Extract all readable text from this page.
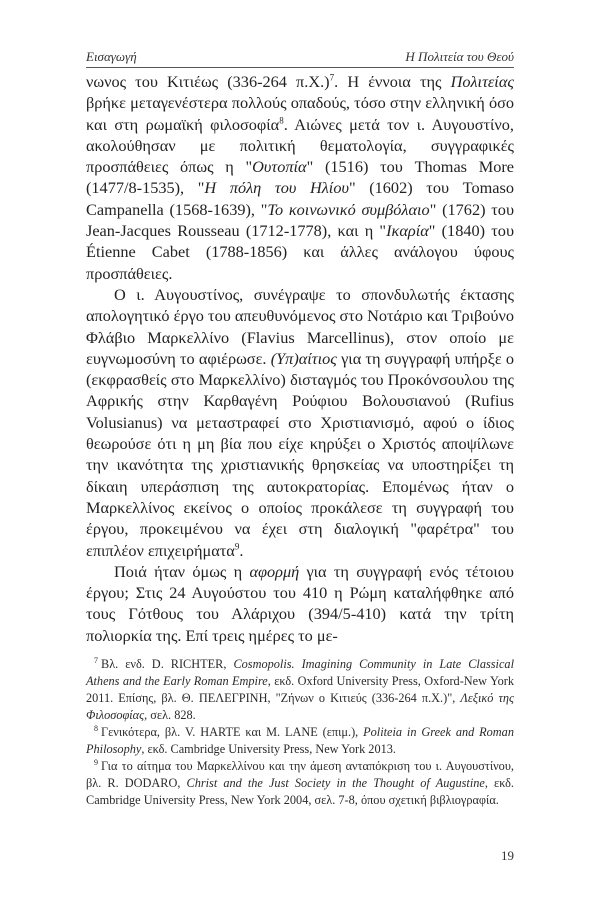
Εισαγωγή	Η Πολιτεία του Θεού

νωνος του Κιτιέως (336-264 π.Χ.)$^7$. Η έννοια της Πολιτείας βρήκε μεταγενέστερα πολλούς οπαδούς, τόσο στην ελληνική όσο και στη ρωμαϊκή φιλοσοφία$^8$. Αιώνες μετά τον ι. Αυγουστίνο, ακολούθησαν με πολιτική θεματολογία, συγγραφικές προσπάθειες όπως η "Ουτοπία" (1516) του Thomas More (1477/8-1535), "Η πόλη του Ηλίου" (1602) του Tomaso Campanella (1568-1639), "Το κοινωνικό συμβόλαιο" (1762) του Jean-Jacques Rousseau (1712-1778), και η "Ικαρία" (1840) του Étienne Cabet (1788-1856) και άλλες ανάλογου ύφους προσπάθειες.

Ο ι. Αυγουστίνος, συνέγραψε το σπονδυλωτής έκτασης απολογητικό έργο του απευθυνόμενος στο Νοτάριο και Τριβούνο Φλάβιο Μαρκελλίνο (Flavius Marcellinus), στον οποίο με ευγνωμοσύνη το αφιέρωσε. (Υπ)αίτιος για τη συγγραφή υπήρξε ο (εκφρασθείς στο Μαρκελλίνο) δισταγμός του Προκόνσουλου της Αφρικής στην Καρθαγένη Ρούφιου Βολουσιανού (Rufius Volusianus) να μεταστραφεί στο Χριστιανισμό, αφού ο ίδιος θεωρούσε ότι η μη βία που είχε κηρύξει ο Χριστός αποψίλωνε την ικανότητα της χριστιανικής θρησκείας να υποστηρίξει τη δίκαιη υπεράσπιση της αυτοκρατορίας. Επομένως ήταν ο Μαρκελλίνος εκείνος ο οποίος προκάλεσε τη συγγραφή του έργου, προκειμένου να έχει στη διαλογική "φαρέτρα" του επιπλέον επιχειρήματα$^9$.

Ποιά ήταν όμως η αφορμή για τη συγγραφή ενός τέτοιου έργου; Στις 24 Αυγούστου του 410 η Ρώμη καταλήφθηκε από τους Γότθους του Αλάριχου (394/5-410) κατά την τρίτη πολιορκία της. Επί τρεις ημέρες το με-

$^7$ Βλ. ενδ. D. RICHTER, Cosmopolis. Imagining Community in Late Classical Athens and the Early Roman Empire, εκδ. Oxford University Press, Oxford-New York 2011. Επίσης, βλ. Θ. ΠΕΛΕΓΡΙΝΗ, "Ζήνων ο Κιτιεύς (336-264 π.Χ.)", Λεξικό της Φιλοσοφίας, σελ. 828.

$^8$ Γενικότερα, βλ. V. HARTE και M. LANE (επιμ.), Politeia in Greek and Roman Philosophy, εκδ. Cambridge University Press, New York 2013.

$^9$ Για το αίτημα του Μαρκελλίνου και την άμεση ανταπόκριση του ι. Αυγουστίνου, βλ. R. DODARO, Christ and the Just Society in the Thought of Augustine, εκδ. Cambridge University Press, New York 2004, σελ. 7-8, όπου σχετική βιβλιογραφία.

19
